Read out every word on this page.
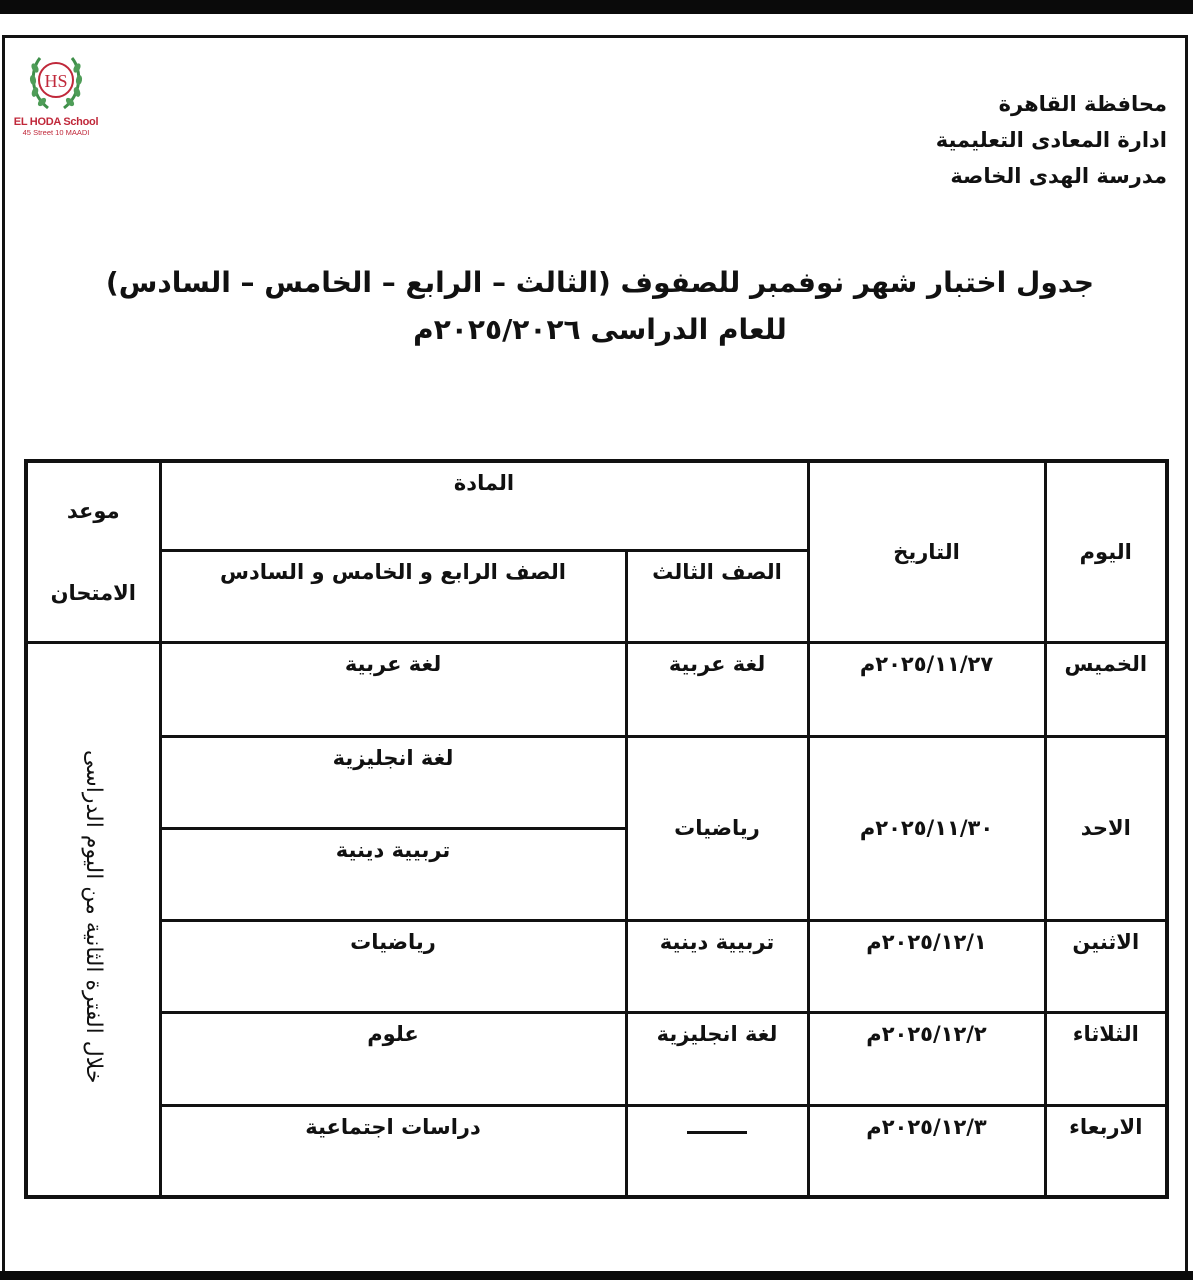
HS
EL HODA School
45 Street 10 MAADI
محافظة القاهرة
ادارة المعادى التعليمية
مدرسة الهدى الخاصة
جدول اختبار شهر نوفمبر للصفوف (الثالث – الرابع – الخامس – السادس)
للعام الدراسى ٢٠٢٥/٢٠٢٦م
اليوم	التاريخ	المادة		موعد
الامتحان

		الصف الثالث	الصف الرابع و الخامس و السادس	
الخميس	٢٠٢٥/١١/٢٧م	لغة عربية	لغة عربية	خلال الفترة الثانية من اليوم الدراسى
الاحد	٢٠٢٥/١١/٣٠م	رياضيات	لغة انجليزية	
			تربيية دينية	
الاثنين	٢٠٢٥/١٢/١م	تربيية دينية	رياضيات	
الثلاثاء	٢٠٢٥/١٢/٢م	لغة انجليزية	علوم	
الاربعاء	٢٠٢٥/١٢/٣م		دراسات اجتماعية	
